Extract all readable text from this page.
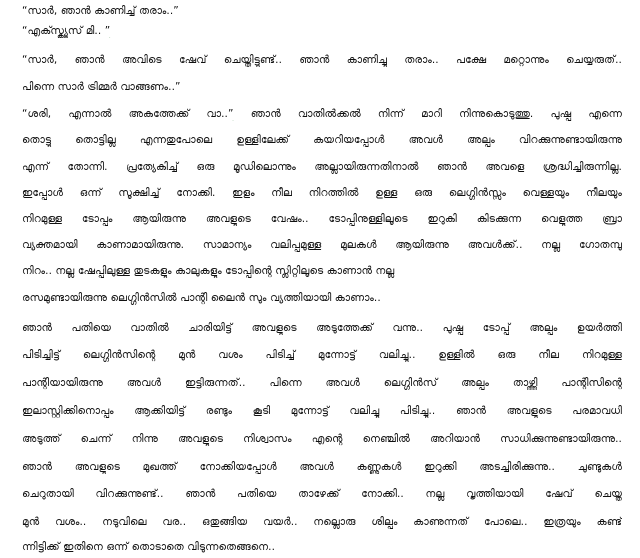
“സാർ, ഞാൻ കാണിച്ച് തരാം..”
“എക്സ്ക്യൂസ് മി.. ”
“സാർ, ഞാൻ അവിടെ ഷേവ് ചെയ്തിട്ടുണ്ട്.. ഞാൻ കാണിച്ചു തരാം.. പക്ഷേ മറ്റൊന്നും ചെയ്യരുത്..
പിന്നെ സാർ ട്രിമ്മർ വാങ്ങണം..”
“ശരി, എന്നാൽ അകത്തേക്ക് വാ..” ഞാൻ വാതിൽക്കൽ നിന്ന് മാറി നിന്നുകൊടുത്തു. പുഷ്പ എന്നെ
തൊട്ടു തൊട്ടില്ല എന്നതുപോലെ ഉള്ളിലേക്ക് കയറിയപ്പോൾ അവൾ അല്പം വിറക്കുന്നുണ്ടായിരുന്നു
എന്ന് തോന്നി. പ്രത്യേകിച്ച് ഒരു മൂഡിലൊന്നും അല്ലായിരുന്നതിനാൽ ഞാൻ അവളെ ശ്രദ്ധിച്ചിരുന്നില്ല.
ഇപ്പോൾ ഒന്ന് സൂക്ഷിച്ച് നോക്കി. ഇളം നീല നിറത്തിൽ ഉള്ള ഒരു ലെഗ്ഗിൻസ്സും വെള്ളയും നീലയും
നിറമുള്ള ടോപ്പും ആയിരുന്നു അവളുടെ വേഷം.. ടോപ്പിനുള്ളിലൂടെ ഇറുകി കിടക്കുന്ന വെളുത്ത ബ്രാ
വ്യക്തമായി കാണാമായിരുന്നു. സാമാന്യം വലിപ്പമുള്ള മുലകൾ ആയിരുന്നു അവൾക്ക്.. നല്ല ഗോതമ്പു
നിറം.. നല്ല ഷേപ്പിലുള്ള തുടകളും കാലുകളും ടോപ്പിന്റെ സ്ലിറ്റിലൂടെ കാണാൻ നല്ല
രസമുണ്ടായിരുന്നു ലെഗ്ഗിൻസിൽ പാന്റി ലൈൻ സും വ്യത്തിയായി കാണാം..
ഞാൻ പതിയെ വാതിൽ ചാരിയിട്ട് അവളുടെ അടുത്തേക്ക് വന്നു.. പുഷ്പ ടോപ്പ് അല്പം ഉയർത്തി
പിടിച്ചിട്ട് ലെഗ്ഗിൻസിന്റെ മുൻ വശം പിടിച്ച് മുന്നോട്ട് വലിച്ചു.. ഉള്ളിൽ ഒരു നീല നിറമുള്ള
പാന്റിയായിരുന്നു അവൾ ഇട്ടിരുന്നത്.. പിന്നെ അവൾ ലെഗ്ഗിൻസ് അല്പം താഴ്ത്തി പാന്റിസിന്റെ
ഇലാസ്റ്റിക്കിനൊപ്പം ആക്കിയിട്ട് രണ്ടും കൂടി മുന്നോട്ട് വലിച്ചു പിടിച്ചു.. ഞാൻ അവളുടെ പരമാവധി
അടുത്ത് ചെന്ന് നിന്നു അവളുടെ നിശ്വാസം എന്റെ നെഞ്ചിൽ അറിയാൻ സാധിക്കുന്നുണ്ടായിരുന്നു..
ഞാൻ അവളുടെ മുഖത്ത് നോക്കിയപ്പോൾ അവൾ കണ്ണുകൾ ഇറുക്കി അടച്ചിരിക്കുന്നു.. ചുണ്ടുകൾ
ചെറുതായി വിറക്കുന്നുണ്ട്.. ഞാൻ പതിയെ താഴേക്ക് നോക്കി.. നല്ല വൃത്തിയായി ഷേവ് ചെയ്ത
മുൻ വശം.. നടുവിലെ വര.. ഒതുങ്ങിയ വയർ.. നല്ലൊരു ശില്പം കാണുന്നത് പോലെ.. ഇത്രയും കണ്ട്
ന്നിട്ടിക്ക് ഇതിനെ ഒന്ന് തൊടാതെ വിടുന്നതെങ്ങനെ..
